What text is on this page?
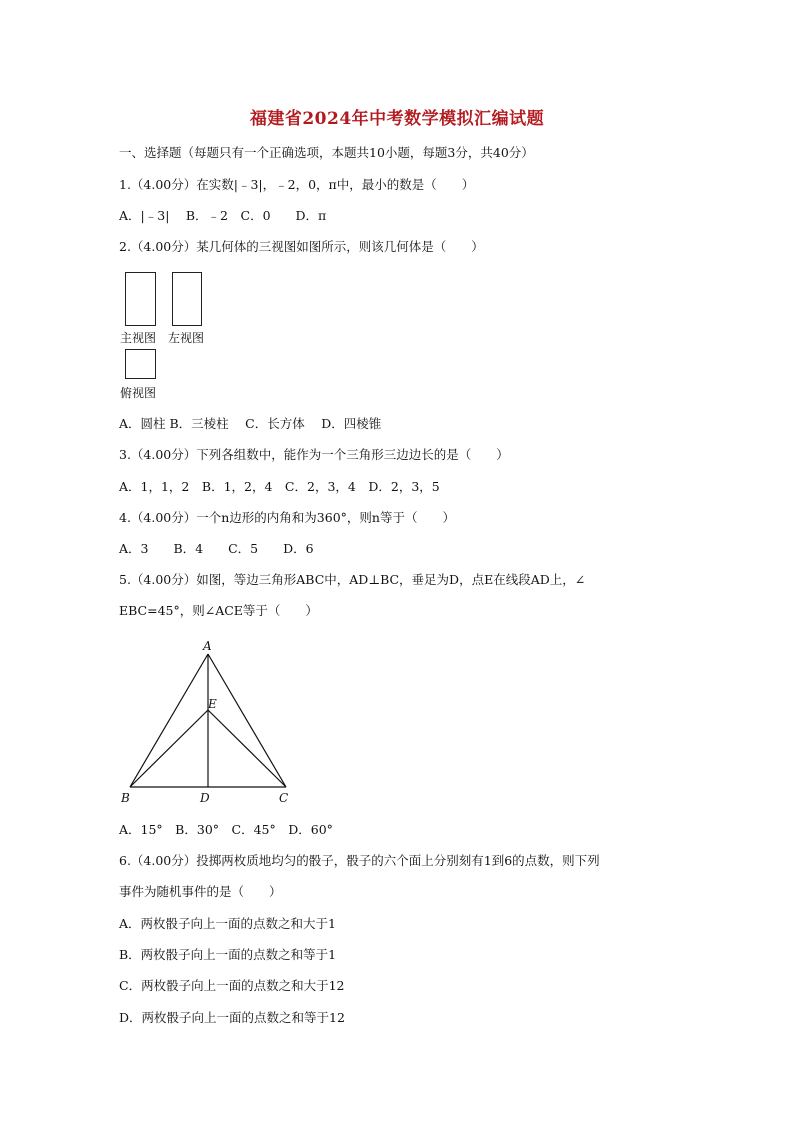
福建省2024年中考数学模拟汇编试题
一、选择题（每题只有一个正确选项，本题共10小题，每题3分，共40分）
1.（4.00分）在实数|﹣3|，﹣2，0，π中，最小的数是（　　）
A．|﹣3|　 B．﹣2　C．0　　D．π
2.（4.00分）某几何体的三视图如图所示，则该几何体是（　　）
主视图 左视图
俯视图
A．圆柱 B．三棱柱　 C．长方体　 D．四棱锥
3.（4.00分）下列各组数中，能作为一个三角形三边边长的是（　　）
A．1，1，2　B．1，2，4　C．2，3，4　D．2，3，5
4.（4.00分）一个n边形的内角和为360°，则n等于（　　）
A．3　　B．4　　C．5　　D．6
5.（4.00分）如图，等边三角形ABC中，AD⊥BC，垂足为D，点E在线段AD上，∠
EBC=45°，则∠ACE等于（　　）
A
E
B	D	C
A．15°　B．30°　C．45°　D．60°
6.（4.00分）投掷两枚质地均匀的骰子，骰子的六个面上分别刻有1到6的点数，则下列
事件为随机事件的是（　　）
A．两枚骰子向上一面的点数之和大于1
B．两枚骰子向上一面的点数之和等于1
C．两枚骰子向上一面的点数之和大于12
D．两枚骰子向上一面的点数之和等于12
